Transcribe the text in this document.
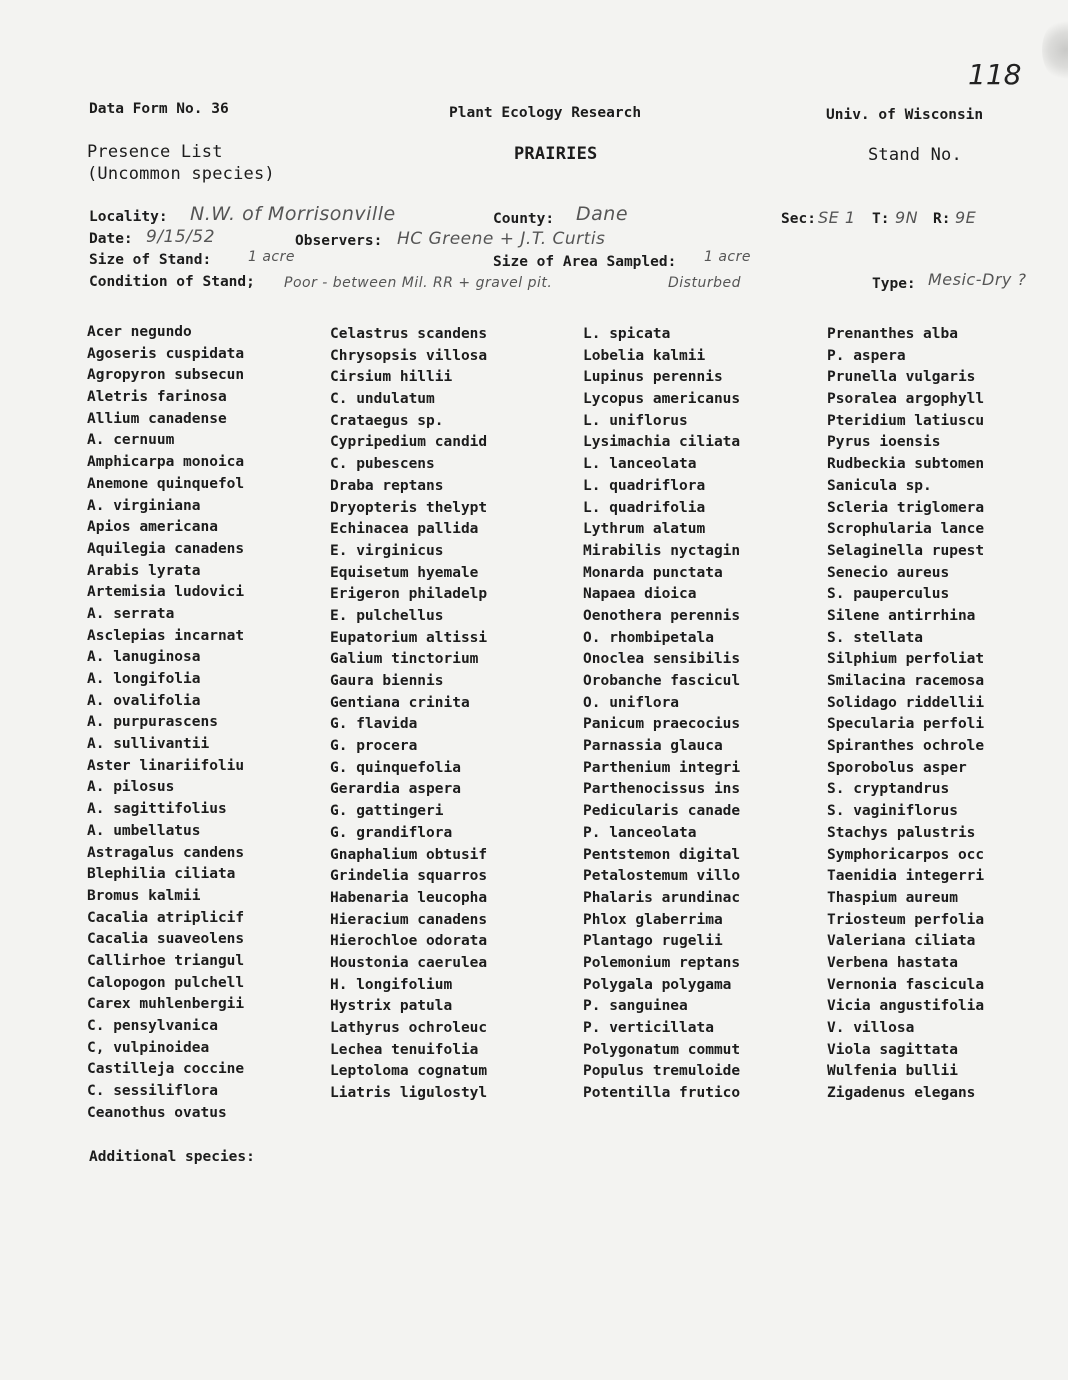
118
Data Form No. 36	Plant Ecology Research	Univ. of Wisconsin
Presence List
(Uncommon species)
PRAIRIES	Stand No.
Locality: N.W. of Morrisonville	County: Dane	Sec: SE 1 T: 9N R: 9E
Date: 9/15/52	Observers: HC Greene + J.T. Curtis
Size of Stand:	1 acre	Size of Area Sampled: 1 acre
Condition of Stand; Poor - between Mil. RR + gravel pit.	Disturbed	Type: Mesic-Dry ?
Acer negundo
Agoseris cuspidata
Agropyron subsecun
Aletris farinosa
Allium canadense
A. cernuum
Amphicarpa monoica
Anemone quinquefol
A. virginiana
Apios americana
Aquilegia canadens
Arabis lyrata
Artemisia ludovici
A. serrata
Asclepias incarnat
A. lanuginosa
A. longifolia
A. ovalifolia
A. purpurascens
A. sullivantii
Aster linariifoliu
A. pilosus
A. sagittifolius
A. umbellatus
Astragalus candens
Blephilia ciliata
Bromus kalmii
Cacalia atriplicif
Cacalia suaveolens
Callirhoe triangul
Calopogon pulchell
Carex muhlenbergii
C. pensylvanica
C, vulpinoidea
Castilleja coccine
C. sessiliflora
Ceanothus ovatus
Celastrus scandens
Chrysopsis villosa
Cirsium hillii
C. undulatum
Crataegus sp.
Cypripedium candid
C. pubescens
Draba reptans
Dryopteris thelypt
Echinacea pallida
E. virginicus
Equisetum hyemale
Erigeron philadelp
E. pulchellus
Eupatorium altissi
Galium tinctorium
Gaura biennis
Gentiana crinita
G. flavida
G. procera
G. quinquefolia
Gerardia aspera
G. gattingeri
G. grandiflora
Gnaphalium obtusif
Grindelia squarros
Habenaria leucopha
Hieracium canadens
Hierochloe odorata
Houstonia caerulea
H. longifolium
Hystrix patula
Lathyrus ochroleuc
Lechea tenuifolia
Leptoloma cognatum
Liatris ligulostyl
L. spicata
Lobelia kalmii
Lupinus perennis
Lycopus americanus
L. uniflorus
Lysimachia ciliata
L. lanceolata
L. quadriflora
L. quadrifolia
Lythrum alatum
Mirabilis nyctagin
Monarda punctata
Napaea dioica
Oenothera perennis
O. rhombipetala
Onoclea sensibilis
Orobanche fascicul
O. uniflora
Panicum praecocius
Parnassia glauca
Parthenium integri
Parthenocissus ins
Pedicularis canade
P. lanceolata
Pentstemon digital
Petalostemum villo
Phalaris arundinac
Phlox glaberrima
Plantago rugelii
Polemonium reptans
Polygala polygama
P. sanguinea
P. verticillata
Polygonatum commut
Populus tremuloide
Potentilla frutico
Prenanthes alba
P. aspera
Prunella vulgaris
Psoralea argophyll
Pteridium latiuscu
Pyrus ioensis
Rudbeckia subtomen
Sanicula sp.
Scleria triglomera
Scrophularia lance
Selaginella rupest
Senecio aureus
S. pauperculus
Silene antirrhina
S. stellata
Silphium perfoliat
Smilacina racemosa
Solidago riddellii
Specularia perfoli
Spiranthes ochrole
Sporobolus asper
S. cryptandrus
S. vaginiflorus
Stachys palustris
Symphoricarpos occ
Taenidia integerri
Thaspium aureum
Triosteum perfolia
Valeriana ciliata
Verbena hastata
Vernonia fascicula
Vicia angustifolia
V. villosa
Viola sagittata
Wulfenia bullii
Zigadenus elegans
Additional species:
